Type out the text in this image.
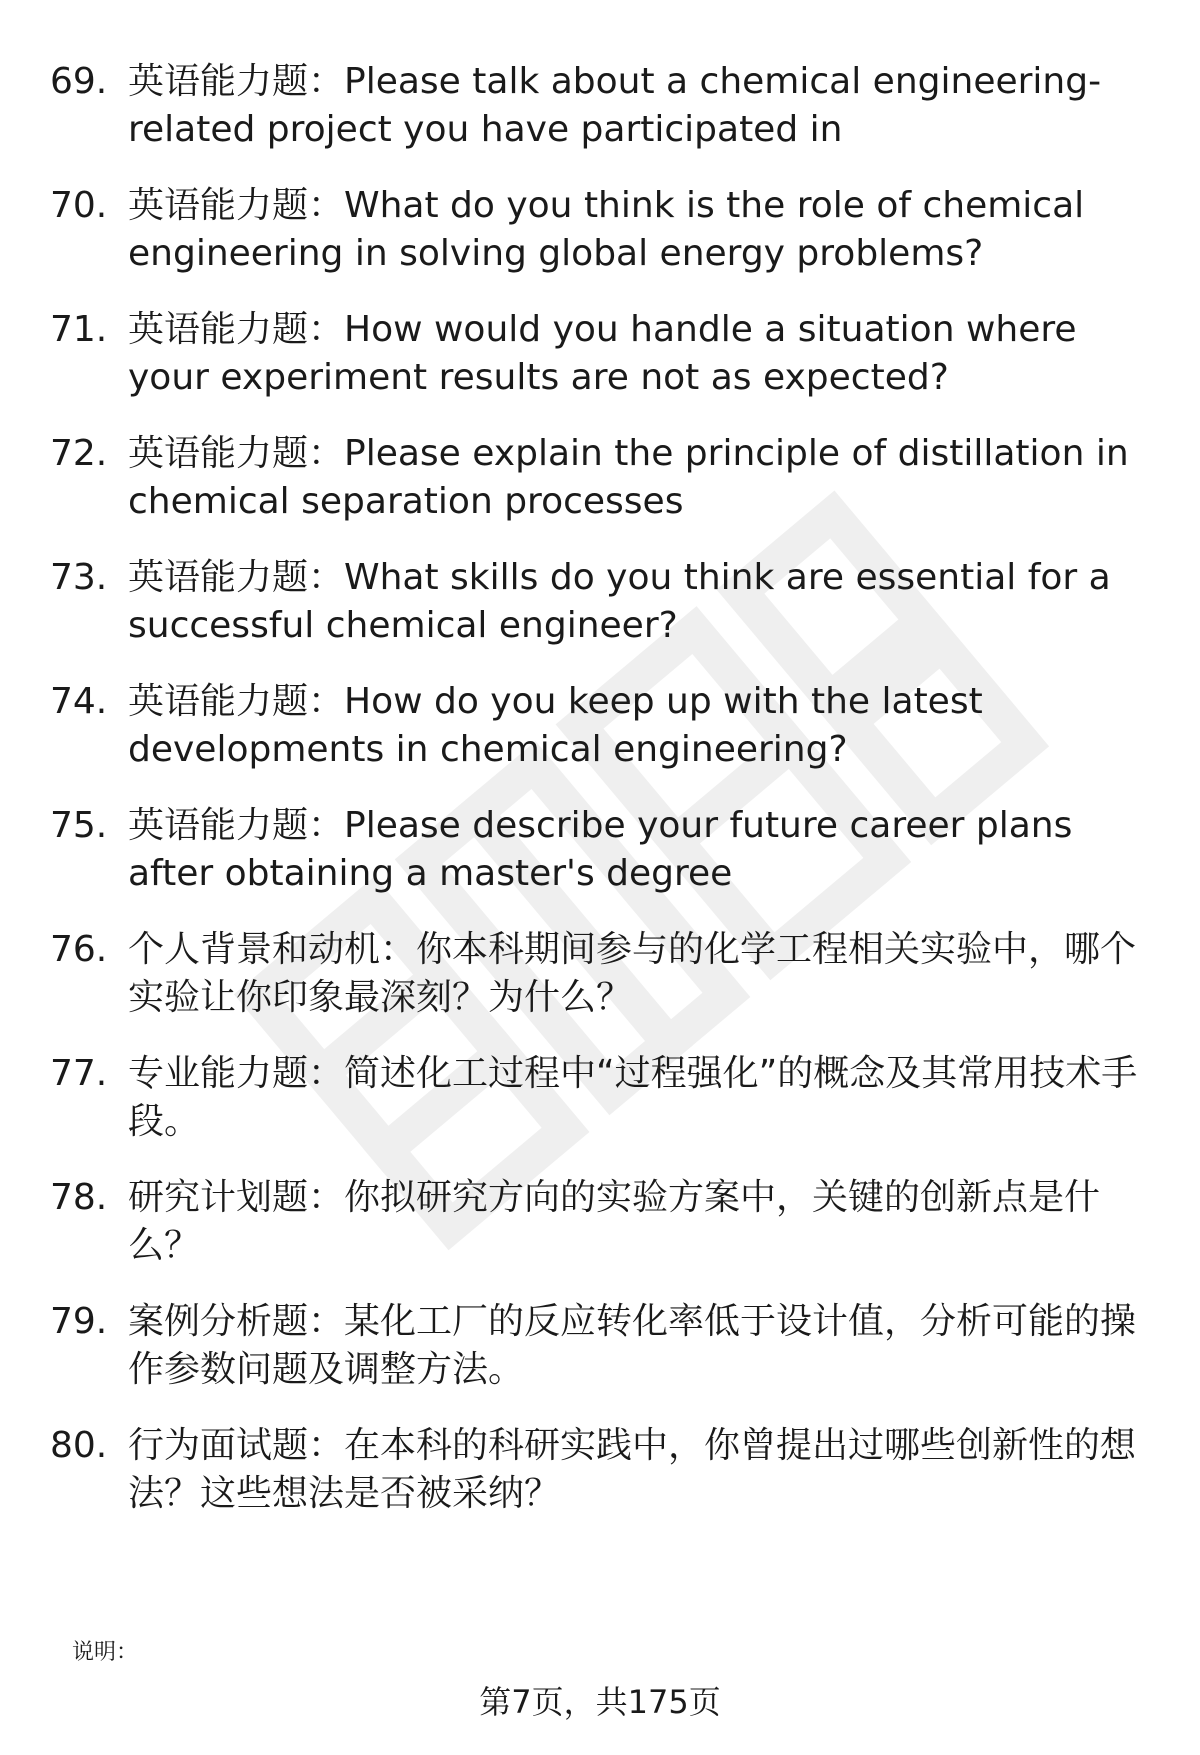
69. 英语能力题：Please talk about a chemical engineering-related project you have participated in
70. 英语能力题：What do you think is the role of chemical engineering in solving global energy problems?
71. 英语能力题：How would you handle a situation where your experiment results are not as expected?
72. 英语能力题：Please explain the principle of distillation in chemical separation processes
73. 英语能力题：What skills do you think are essential for a successful chemical engineer?
74. 英语能力题：How do you keep up with the latest developments in chemical engineering?
75. 英语能力题：Please describe your future career plans after obtaining a master's degree
76. 个人背景和动机：你本科期间参与的化学工程相关实验中，哪个实验让你印象最深刻？为什么？
77. 专业能力题：简述化工过程中“过程强化”的概念及其常用技术手段。
78. 研究计划题：你拟研究方向的实验方案中，关键的创新点是什么？
79. 案例分析题：某化工厂的反应转化率低于设计值，分析可能的操作参数问题及调整方法。
80. 行为面试题：在本科的科研实践中，你曾提出过哪些创新性的想法？这些想法是否被采纳？
说明：
第7页，共175页
